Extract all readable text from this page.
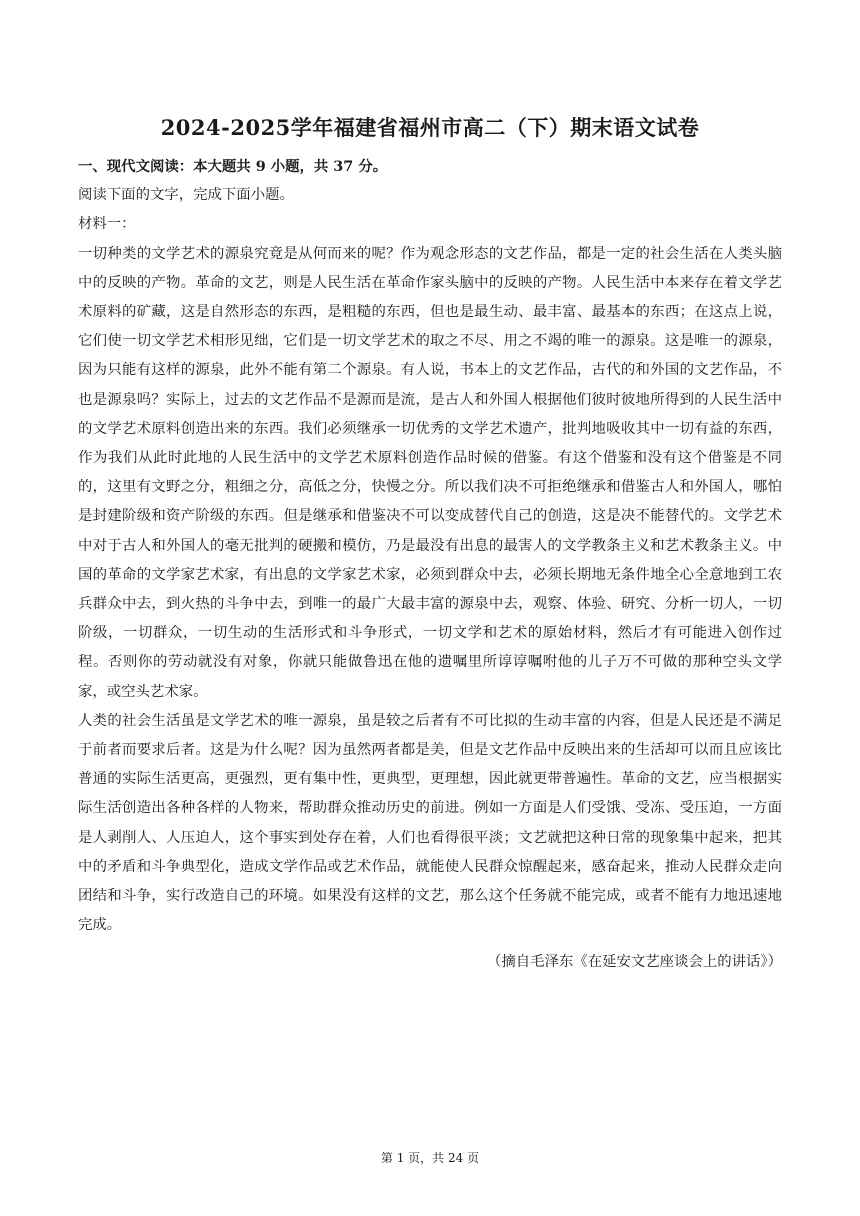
2024-2025学年福建省福州市高二（下）期末语文试卷

一、现代文阅读：本大题共 9 小题，共 37 分。

阅读下面的文字，完成下面小题。

材料一：

一切种类的文学艺术的源泉究竟是从何而来的呢？作为观念形态的文艺作品，都是一定的社会生活在人类头脑中的反映的产物。革命的文艺，则是人民生活在革命作家头脑中的反映的产物。人民生活中本来存在着文学艺术原料的矿藏，这是自然形态的东西，是粗糙的东西，但也是最生动、最丰富、最基本的东西；在这点上说，它们使一切文学艺术相形见绌，它们是一切文学艺术的取之不尽、用之不竭的唯一的源泉。这是唯一的源泉，因为只能有这样的源泉，此外不能有第二个源泉。有人说，书本上的文艺作品，古代的和外国的文艺作品，不也是源泉吗？实际上，过去的文艺作品不是源而是流，是古人和外国人根据他们彼时彼地所得到的人民生活中的文学艺术原料创造出来的东西。我们必须继承一切优秀的文学艺术遗产，批判地吸收其中一切有益的东西，作为我们从此时此地的人民生活中的文学艺术原料创造作品时候的借鉴。有这个借鉴和没有这个借鉴是不同的，这里有文野之分，粗细之分，高低之分，快慢之分。所以我们决不可拒绝继承和借鉴古人和外国人，哪怕是封建阶级和资产阶级的东西。但是继承和借鉴决不可以变成替代自己的创造，这是决不能替代的。文学艺术中对于古人和外国人的毫无批判的硬搬和模仿，乃是最没有出息的最害人的文学教条主义和艺术教条主义。中国的革命的文学家艺术家，有出息的文学家艺术家，必须到群众中去，必须长期地无条件地全心全意地到工农兵群众中去，到火热的斗争中去，到唯一的最广大最丰富的源泉中去，观察、体验、研究、分析一切人，一切阶级，一切群众，一切生动的生活形式和斗争形式，一切文学和艺术的原始材料，然后才有可能进入创作过程。否则你的劳动就没有对象，你就只能做鲁迅在他的遗嘱里所谆谆嘱咐他的儿子万不可做的那种空头文学家，或空头艺术家。

人类的社会生活虽是文学艺术的唯一源泉，虽是较之后者有不可比拟的生动丰富的内容，但是人民还是不满足于前者而要求后者。这是为什么呢？因为虽然两者都是美，但是文艺作品中反映出来的生活却可以而且应该比普通的实际生活更高，更强烈，更有集中性，更典型，更理想，因此就更带普遍性。革命的文艺，应当根据实际生活创造出各种各样的人物来，帮助群众推动历史的前进。例如一方面是人们受饿、受冻、受压迫，一方面是人剥削人、人压迫人，这个事实到处存在着，人们也看得很平淡；文艺就把这种日常的现象集中起来，把其中的矛盾和斗争典型化，造成文学作品或艺术作品，就能使人民群众惊醒起来，感奋起来，推动人民群众走向团结和斗争，实行改造自己的环境。如果没有这样的文艺，那么这个任务就不能完成，或者不能有力地迅速地完成。

（摘自毛泽东《在延安文艺座谈会上的讲话》）

第 1 页，共 24 页
